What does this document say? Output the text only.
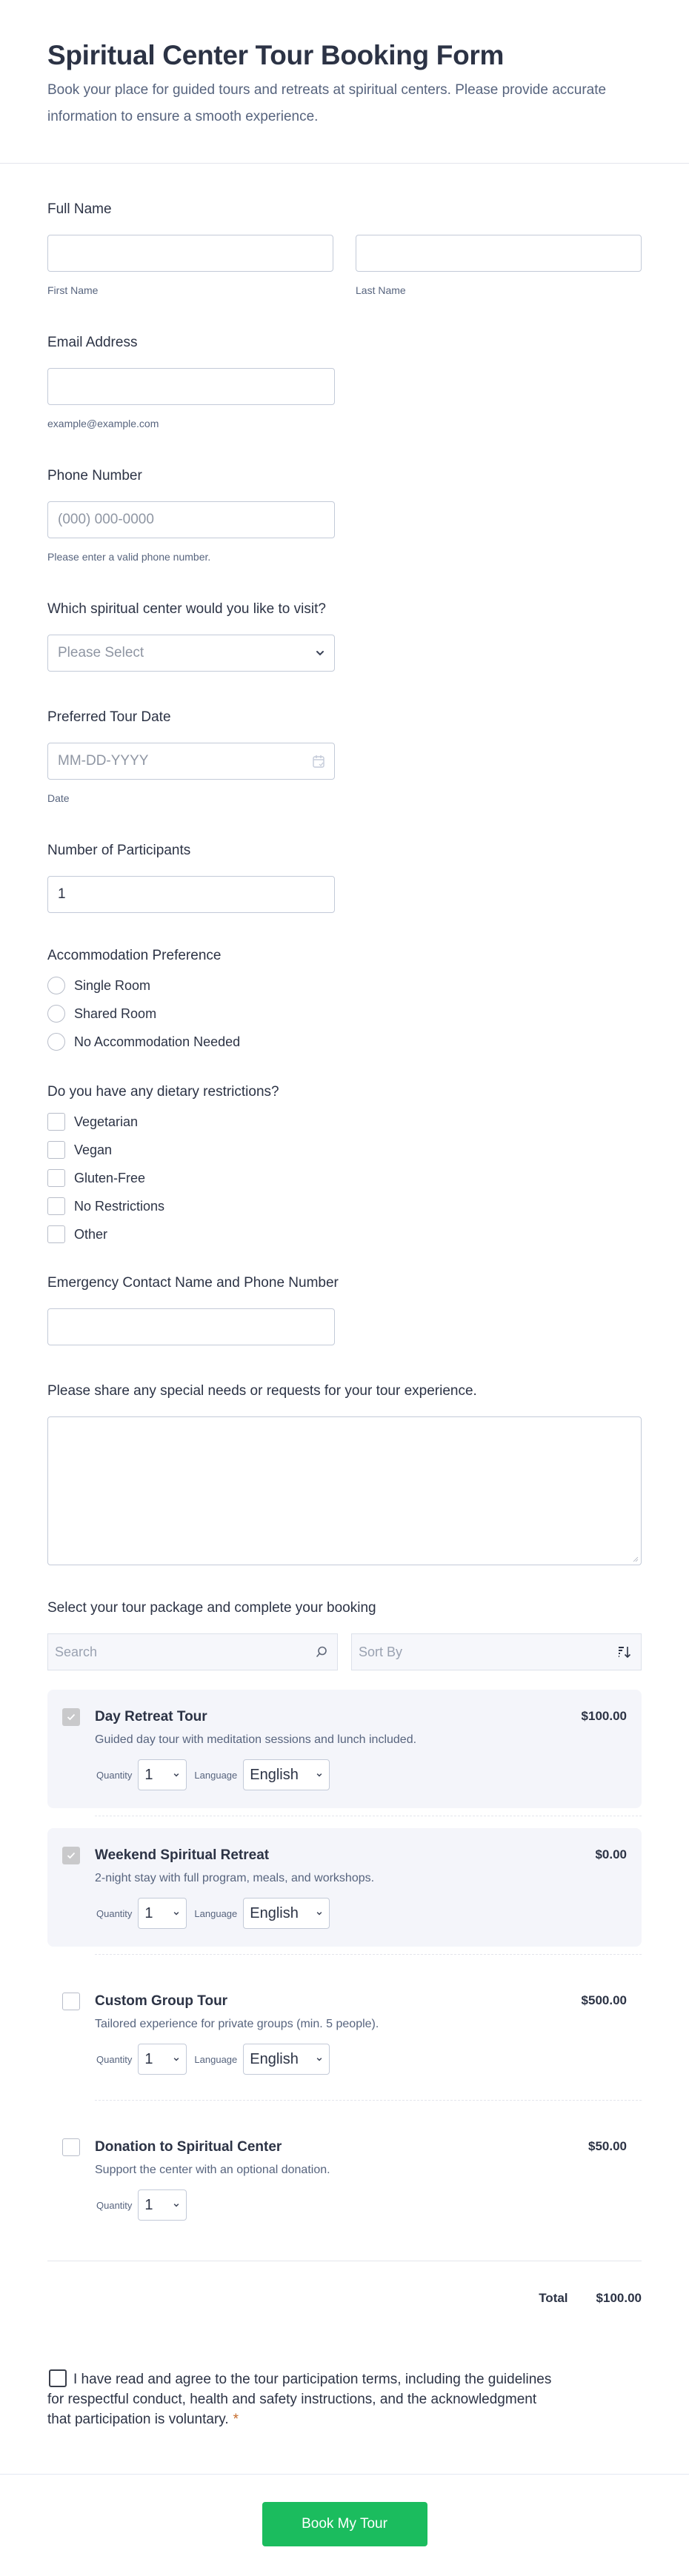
Spiritual Center Tour Booking Form

Book your place for guided tours and retreats at spiritual centers. Please provide accurate information to ensure a smooth experience.

Full Name
First Name	Last Name
Email Address
example@example.com
Phone Number
(000) 000-0000
Please enter a valid phone number.
Which spiritual center would you like to visit?
Please Select
Preferred Tour Date
MM-DD-YYYY
Date
Number of Participants
1
Accommodation Preference
Single Room
Shared Room
No Accommodation Needed
Do you have any dietary restrictions?
Vegetarian
Vegan
Gluten-Free
No Restrictions
Other
Emergency Contact Name and Phone Number
Please share any special needs or requests for your tour experience.
Select your tour package and complete your booking
Search	Sort By
Day Retreat Tour
Guided day tour with meditation sessions and lunch included.
Quantity 1	Language English
$100.00
Weekend Spiritual Retreat
2-night stay with full program, meals, and workshops.
Quantity 1	Language English
$0.00
Custom Group Tour
Tailored experience for private groups (min. 5 people).
Quantity 1	Language English
$500.00
Donation to Spiritual Center
Support the center with an optional donation.
Quantity 1
$50.00
Total $100.00
I have read and agree to the tour participation terms, including the guidelines for respectful conduct, health and safety instructions, and the acknowledgment that participation is voluntary. *
Book My Tour
